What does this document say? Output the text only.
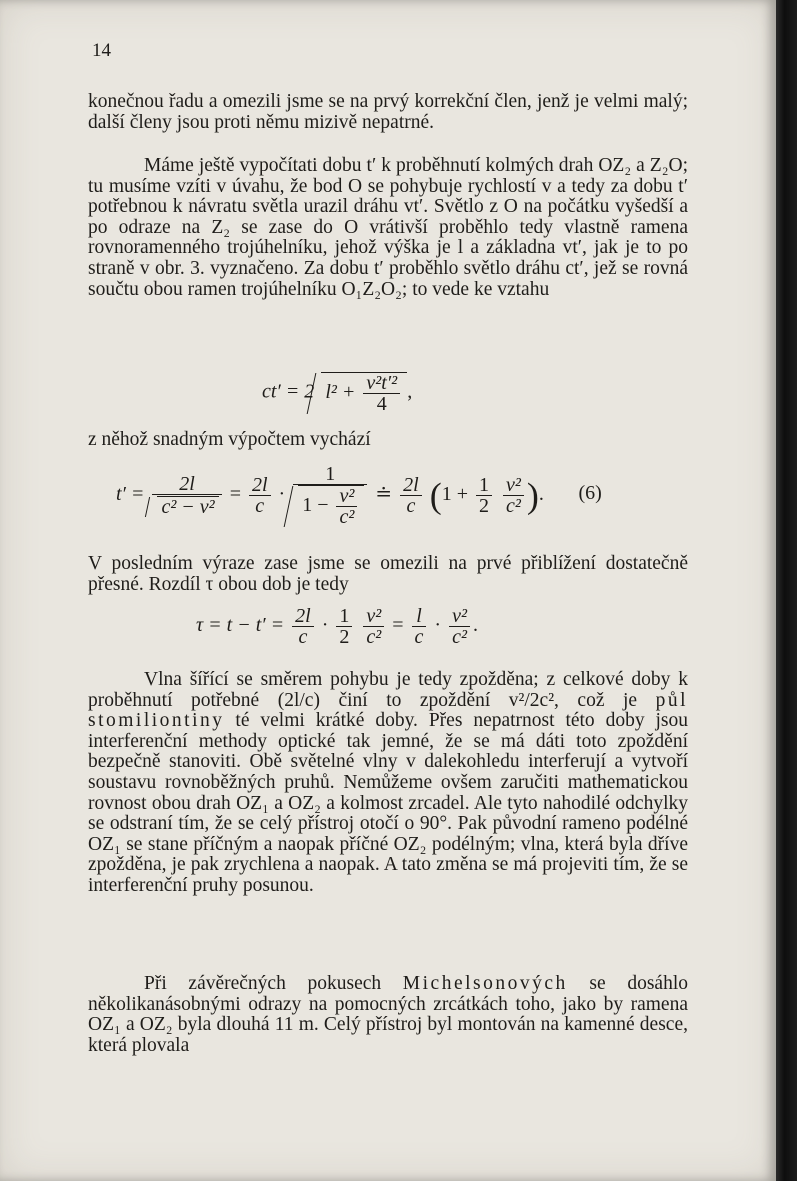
14

konečnou řadu a omezili jsme se na prvý korrekční člen, jenž je velmi malý; další členy jsou proti němu mizivě nepatrné.

Máme ještě vypočítati dobu t′ k proběhnutí kolmých drah OZ₂ a Z₂O; tu musíme vzíti v úvahu, že bod O se pohybuje rychlostí v a tedy za dobu t′ potřebnou k návratu světla urazil dráhu vt′. Světlo z O na počátku vyšedší a po odraze na Z₂ se zase do O vrátivší proběhlo tedy vlastně ramena rovnoramenného trojúhelníku, jehož výška je l a základna vt′, jak je to po straně v obr. 3. vyznačeno. Za dobu t′ proběhlo světlo dráhu ct′, jež se rovná součtu obou ramen trojúhelníku O₁Z₂O₂; to vede ke vztahu

ct′ = 2 $l^2 + \frac{\text{v²t′²}}{4}$ ,

z něhož snadným výpočtem vychází

$t' = \frac{2l}{\text{c² − v²}} = \frac{2l}{c} \cdot \frac{1}{1 - \frac{\text{v²}}{\text{c²}}}$ ≐ $\frac{2l}{c} (1 + \frac{1}{2}$
$\frac{\text{v²}}{\text{c²}}$ ). (6)

V posledním výraze zase jsme se omezili na prvé přiblížení dostatečně přesné. Rozdíl τ obou dob je tedy

$\tau = t - t' = \frac{2l}{c} \cdot \frac{1}{2}$
$\frac{\text{v²}}{\text{c²}} = \frac{l}{c} \cdot \frac{\text{v²}}{\text{c²}}$ .

Vlna šířící se směrem pohybu je tedy zpožděna; z celkové doby k proběhnutí potřebné (2l/c) činí to zpoždění v²/2c², což je půl stomiliontiny té velmi krátké doby. Přes nepatrnost této doby jsou interferenční methody optické tak jemné, že se má dáti toto zpoždění bezpečně stanoviti. Obě světelné vlny v dalekohledu interferují a vytvoří soustavu rovnoběžných pruhů. Nemůžeme ovšem zaručiti mathematickou rovnost obou drah OZ₁ a OZ₂ a kolmost zrcadel. Ale tyto nahodilé odchylky se odstraní tím, že se celý přístroj otočí o 90°. Pak původní rameno podélné OZ₁ se stane příčným a naopak příčné OZ₂ podélným; vlna, která byla dříve zpožděna, je pak zrychlena a naopak. A tato změna se má projeviti tím, že se interferenční pruhy posunou.

Při závěrečných pokusech Michelsonových se dosáhlo několikanásobnými odrazy na pomocných zrcátkách toho, jako by ramena OZ₁ a OZ₂ byla dlouhá 11 m. Celý přístroj byl montován na kamenné desce, která plovala
